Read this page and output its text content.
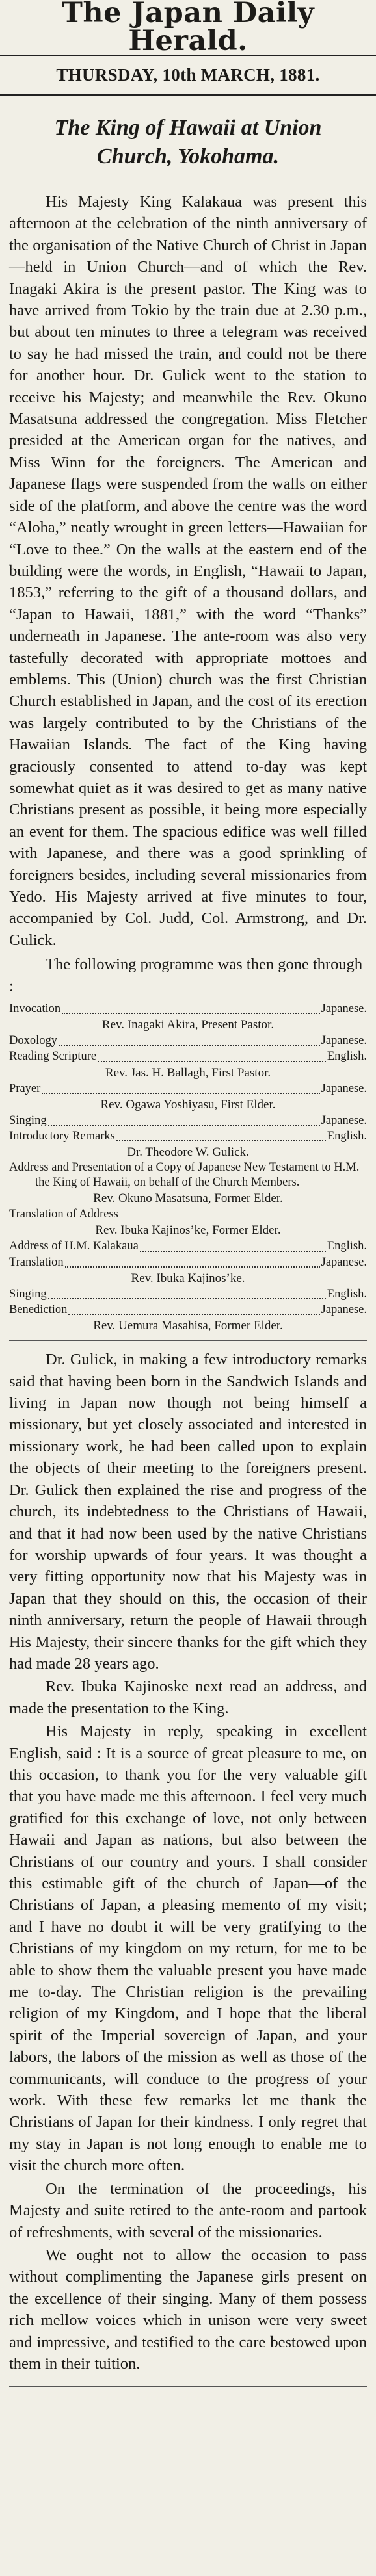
The Japan Daily Herald.
THURSDAY, 10th MARCH, 1881.
The King of Hawaii at Union Church, Yokohama.

His Majesty King Kalakaua was present this afternoon at the celebration of the ninth anniversary of the organisation of the Native Church of Christ in Japan—held in Union Church—and of which the Rev. Inagaki Akira is the present pastor. The King was to have arrived from Tokio by the train due at 2.30 p.m., but about ten minutes to three a telegram was received to say he had missed the train, and could not be there for another hour. Dr. Gulick went to the station to receive his Majesty; and meanwhile the Rev. Okuno Masatsuna addressed the congregation. Miss Fletcher presided at the American organ for the natives, and Miss Winn for the foreigners. The American and Japanese flags were suspended from the walls on either side of the platform, and above the centre was the word “Aloha,” neatly wrought in green letters—Hawaiian for “Love to thee.” On the walls at the eastern end of the building were the words, in English, “Hawaii to Japan, 1853,” referring to the gift of a thousand dollars, and “Japan to Hawaii, 1881,” with the word “Thanks” underneath in Japanese. The ante-room was also very tastefully decorated with appropriate mottoes and emblems. This (Union) church was the first Christian Church established in Japan, and the cost of its erection was largely contributed to by the Christians of the Hawaiian Islands. The fact of the King having graciously consented to attend to-day was kept somewhat quiet as it was desired to get as many native Christians present as possible, it being more especially an event for them. The spacious edifice was well filled with Japanese, and there was a good sprinkling of foreigners besides, including several missionaries from Yedo. His Majesty arrived at five minutes to four, accompanied by Col. Judd, Col. Armstrong, and Dr. Gulick.

The following programme was then gone through :

Invocation	Japanese.
Rev. Inagaki Akira, Present Pastor.
Doxology	Japanese.
Reading Scripture	English.
Rev. Jas. H. Ballagh, First Pastor.
Prayer	Japanese.
Rev. Ogawa Yoshiyasu, First Elder.
Singing	Japanese.
Introductory Remarks	English.
Dr. Theodore W. Gulick.
Address and Presentation of a Copy of Japanese New Testament to H.M. the King of Hawaii, on behalf of the Church Members.
Rev. Okuno Masatsuna, Former Elder.
Translation of Address
Rev. Ibuka Kajinos’ke, Former Elder.
Address of H.M. Kalakaua	English.
Translation	Japanese.
Rev. Ibuka Kajinos’ke.
Singing	English.
Benediction	Japanese.
Rev. Uemura Masahisa, Former Elder.

Dr. Gulick, in making a few introductory remarks said that having been born in the Sandwich Islands and living in Japan now though not being himself a missionary, but yet closely associated and interested in missionary work, he had been called upon to explain the objects of their meeting to the foreigners present. Dr. Gulick then explained the rise and progress of the church, its indebtedness to the Christians of Hawaii, and that it had now been used by the native Christians for worship upwards of four years. It was thought a very fitting opportunity now that his Majesty was in Japan that they should on this, the occasion of their ninth anniversary, return the people of Hawaii through His Majesty, their sincere thanks for the gift which they had made 28 years ago.

Rev. Ibuka Kajinoske next read an address, and made the presentation to the King.

His Majesty in reply, speaking in excellent English, said : It is a source of great pleasure to me, on this occasion, to thank you for the very valuable gift that you have made me this afternoon. I feel very much gratified for this exchange of love, not only between Hawaii and Japan as nations, but also between the Christians of our country and yours. I shall consider this estimable gift of the church of Japan—of the Christians of Japan, a pleasing memento of my visit; and I have no doubt it will be very gratifying to the Christians of my kingdom on my return, for me to be able to show them the valuable present you have made me to-day. The Christian religion is the prevailing religion of my Kingdom, and I hope that the liberal spirit of the Imperial sovereign of Japan, and your labors, the labors of the mission as well as those of the communicants, will conduce to the progress of your work. With these few remarks let me thank the Christians of Japan for their kindness. I only regret that my stay in Japan is not long enough to enable me to visit the church more often.

On the termination of the proceedings, his Majesty and suite retired to the ante-room and partook of refreshments, with several of the missionaries.

We ought not to allow the occasion to pass without complimenting the Japanese girls present on the excellence of their singing. Many of them possess rich mellow voices which in unison were very sweet and impressive, and testified to the care bestowed upon them in their tuition.
